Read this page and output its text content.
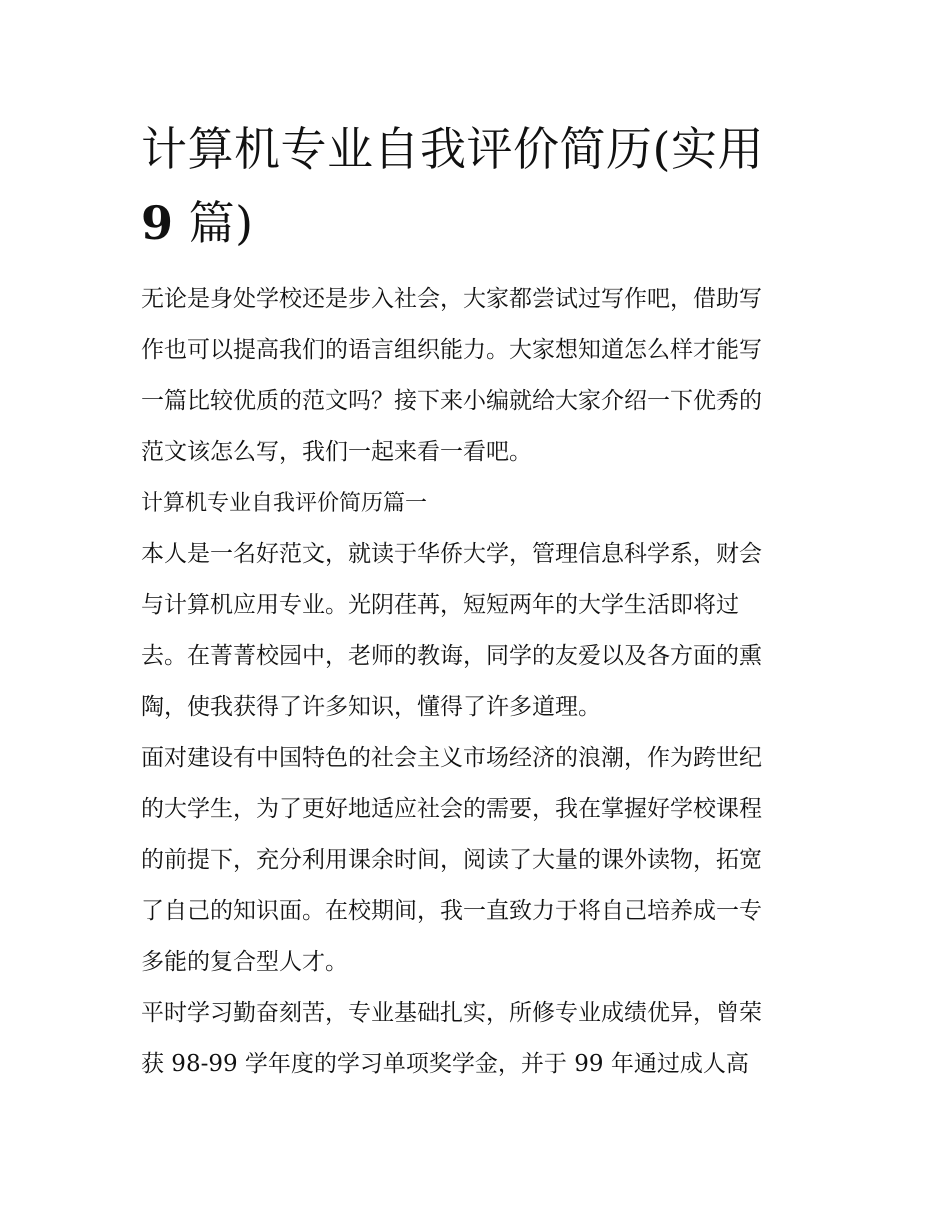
计算机专业自我评价简历(实用
9 篇)

无论是身处学校还是步入社会，大家都尝试过写作吧，借助写
作也可以提高我们的语言组织能力。大家想知道怎么样才能写
一篇比较优质的范文吗？接下来小编就给大家介绍一下优秀的
范文该怎么写，我们一起来看一看吧。

计算机专业自我评价简历篇一

本人是一名好范文，就读于华侨大学，管理信息科学系，财会
与计算机应用专业。光阴荏苒，短短两年的大学生活即将过
去。在菁菁校园中，老师的教诲，同学的友爱以及各方面的熏
陶，使我获得了许多知识，懂得了许多道理。

面对建设有中国特色的社会主义市场经济的浪潮，作为跨世纪
的大学生，为了更好地适应社会的需要，我在掌握好学校课程
的前提下，充分利用课余时间，阅读了大量的课外读物，拓宽
了自己的知识面。在校期间，我一直致力于将自己培养成一专
多能的复合型人才。

平时学习勤奋刻苦，专业基础扎实，所修专业成绩优异，曾荣
获 98-99 学年度的学习单项奖学金，并于 99 年通过成人高
